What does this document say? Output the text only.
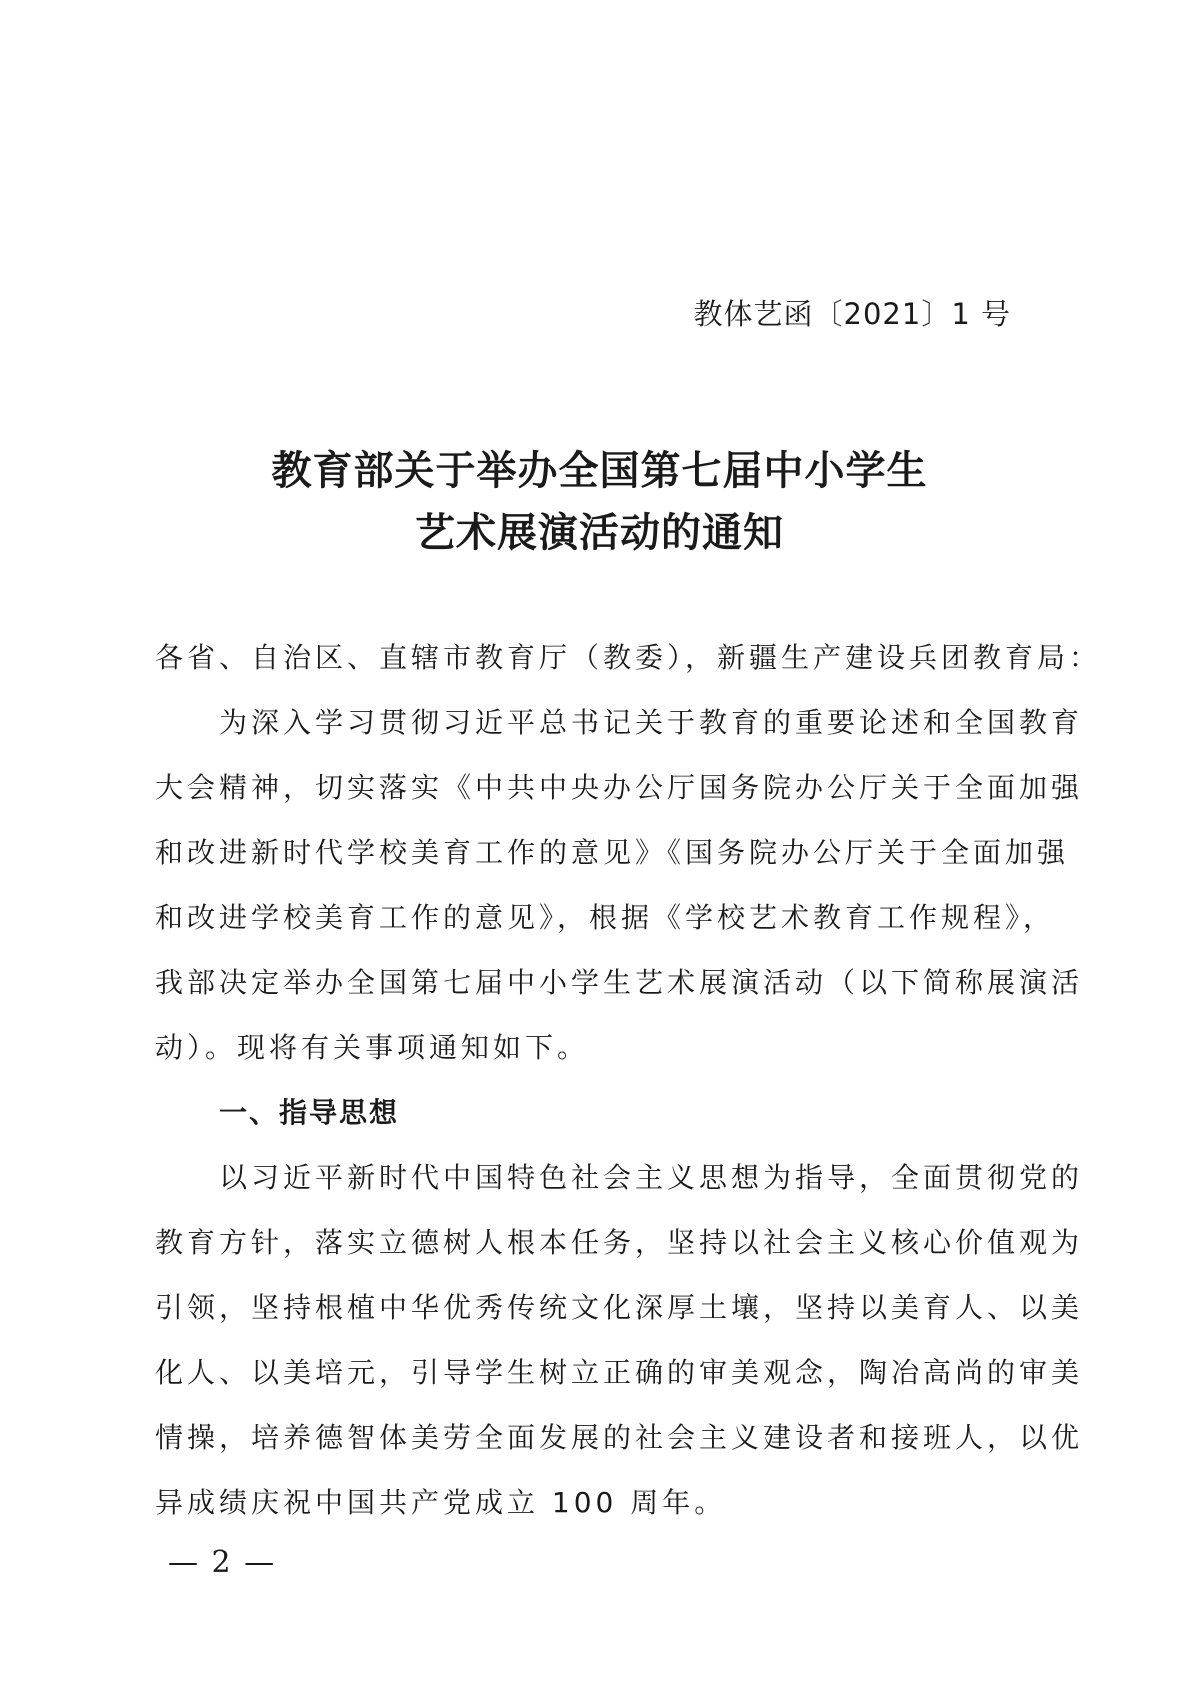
教体艺函〔2021〕1 号
教育部关于举办全国第七届中小学生
艺术展演活动的通知
各省、自治区、直辖市教育厅（教委），新疆生产建设兵团教育局：
为深入学习贯彻习近平总书记关于教育的重要论述和全国教育
大会精神，切实落实《中共中央办公厅国务院办公厅关于全面加强
和改进新时代学校美育工作的意见》《国务院办公厅关于全面加强
和改进学校美育工作的意见》，根据《学校艺术教育工作规程》，
我部决定举办全国第七届中小学生艺术展演活动（以下简称展演活
动）。现将有关事项通知如下。
一、指导思想
以习近平新时代中国特色社会主义思想为指导，全面贯彻党的
教育方针，落实立德树人根本任务，坚持以社会主义核心价值观为
引领，坚持根植中华优秀传统文化深厚土壤，坚持以美育人、以美
化人、以美培元，引导学生树立正确的审美观念，陶冶高尚的审美
情操，培养德智体美劳全面发展的社会主义建设者和接班人，以优
异成绩庆祝中国共产党成立 100 周年。
— 2 —
